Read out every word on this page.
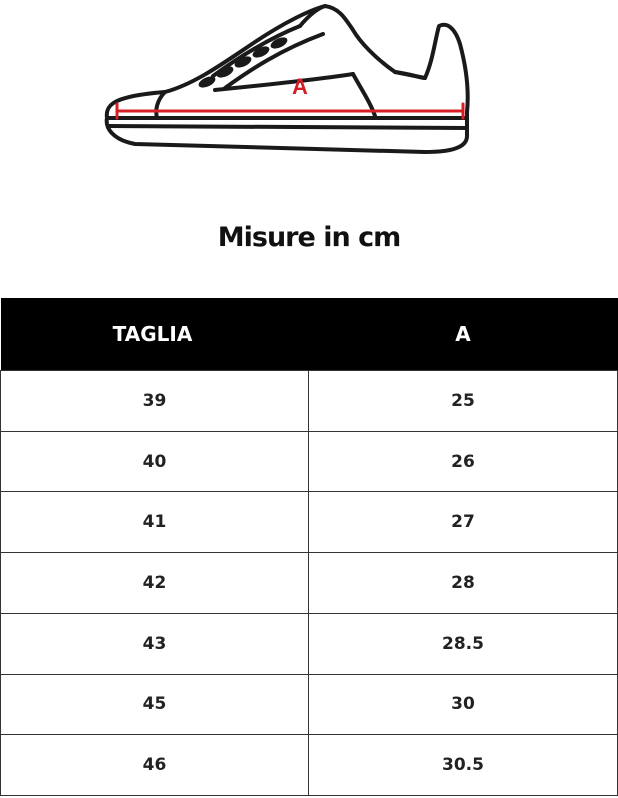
A
Misure in cm
TAGLIA	A
39	25
40	26
41	27
42	28
43	28.5
45	30
46	30.5
